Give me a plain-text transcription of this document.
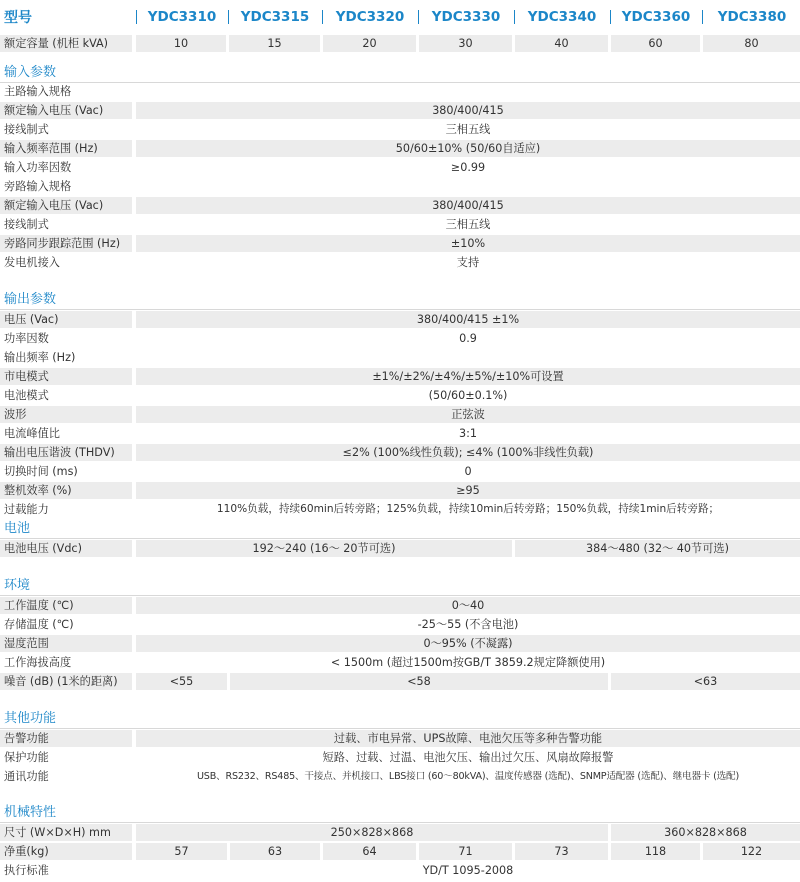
型号	YDC3310	YDC3315	YDC3320	YDC3330	YDC3340	YDC3360	YDC3380
额定容量 (机柜 kVA)	10	15	20	30	40	60	80
输入参数
主路输入规格
额定输入电压 (Vac)	380/400/415
接线制式	三相五线
输入频率范围 (Hz)	50/60±10% (50/60自适应)
输入功率因数	≥0.99
旁路输入规格
额定输入电压 (Vac)	380/400/415
接线制式	三相五线
旁路同步跟踪范围 (Hz)	±10%
发电机接入	支持
输出参数
电压 (Vac)	380/400/415 ±1%
功率因数	0.9
输出频率 (Hz)
市电模式	±1%/±2%/±4%/±5%/±10%可设置
电池模式	(50/60±0.1%)
波形	正弦波
电流峰值比	3:1
输出电压谐波 (THDV)	≤2% (100%线性负载); ≤4% (100%非线性负载)
切换时间 (ms)	0
整机效率 (%)	≥95
过载能力	110%负载，持续60min后转旁路；125%负载，持续10min后转旁路；150%负载，持续1min后转旁路；
电池
电池电压 (Vdc)	192～240 (16～ 20节可选)	384～480 (32～ 40节可选)
环境
工作温度 (℃)	0～40
存储温度 (℃)	-25～55 (不含电池)
湿度范围	0～95% (不凝露)
工作海拔高度	< 1500m (超过1500m按GB/T 3859.2规定降额使用)
噪音 (dB) (1米的距离)	<55	<58	<63
其他功能
告警功能	过载、市电异常、UPS故障、电池欠压等多种告警功能
保护功能	短路、过载、过温、电池欠压、输出过欠压、风扇故障报警
通讯功能	USB、RS232、RS485、干接点、并机接口、LBS接口 (60～80kVA)、温度传感器 (选配)、SNMP适配器 (选配)、继电器卡 (选配)
机械特性
尺寸 (W×D×H) mm	250×828×868	360×828×868
净重(kg)	57	63	64	71	73	118	122
执行标准	YD/T 1095-2008
